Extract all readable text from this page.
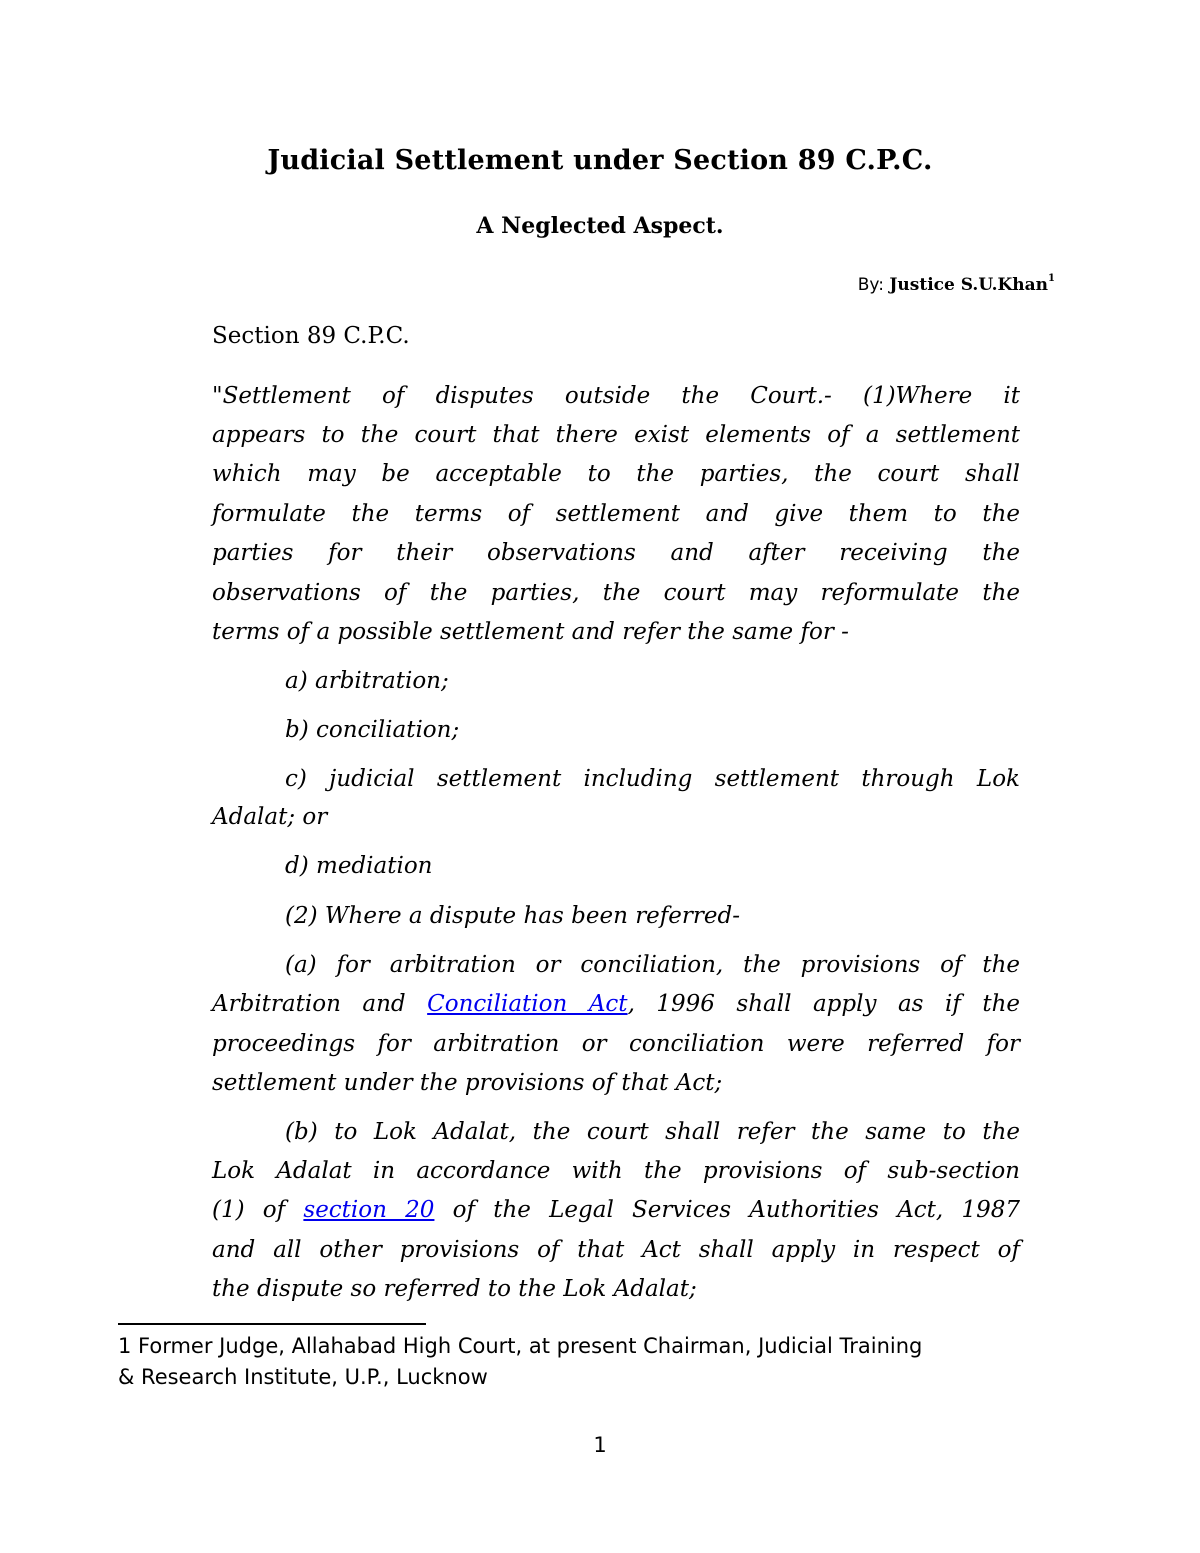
Judicial Settlement under Section 89 C.P.C.
A Neglected Aspect.
By: Justice S.U.Khan$^1$
Section 89 C.P.C.
"Settlement of disputes outside the Court.- (1)Where it
appears to the court that there exist elements of a settlement
which may be acceptable to the parties, the court shall
formulate the terms of settlement and give them to the
parties for their observations and after receiving the
observations of the parties, the court may reformulate the
terms of a possible settlement and refer the same for -
a) arbitration;
b) conciliation;
c) judicial settlement including settlement through Lok
Adalat; or
d) mediation
(2) Where a dispute has been referred-
(a) for arbitration or conciliation, the provisions of the
Arbitration and Conciliation Act, 1996 shall apply as if the
proceedings for arbitration or conciliation were referred for
settlement under the provisions of that Act;
(b) to Lok Adalat, the court shall refer the same to the
Lok Adalat in accordance with the provisions of sub-section
(1) of section 20 of the Legal Services Authorities Act, 1987
and all other provisions of that Act shall apply in respect of
the dispute so referred to the Lok Adalat;
1 Former Judge, Allahabad High Court, at present Chairman, Judicial Training
& Research Institute, U.P., Lucknow
1
